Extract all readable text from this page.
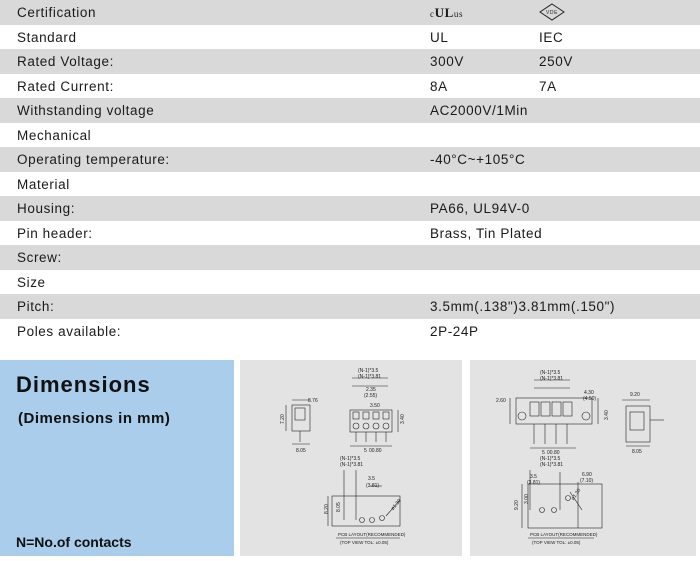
Certification	cULus	VDE
Standard	UL	IEC
Rated Voltage:	300V	250V
Rated Current:	8A	7A
Withstanding voltage	AC2000V/1Min
Mechanical
Operating temperature:	-40°C~+105°C
Material
Housing:	PA66, UL94V-0
Pin header:	Brass, Tin Plated
Screw:
Size
Pitch:	3.5mm(.138")3.81mm(.150")
Poles available:	2P-24P
Dimensions
(Dimensions in mm)
N=No.of contacts
8.76
7.20
8.05
(N-1)*3.5
(N-1)*3.81
2.35
(2.55)
3.50
3.40
5 00.80
(N-1)*3.5
(N-1)*3.81
3.5
(3.81)
8.20 8.05	ø1.30
PCB LAYOUT(RECOMMENDED)
(TOP VIEW TOL: ±0.05)
(N-1)*3.5
(N-1)*3.81
2.60
4.30
(4.50)
3.40
5 00.80
9.20
8.05
(N-1)*3.5
(N-1)*3.81
3.5
(3.81)
6.90
(7.10)
ø1.30
9.20
3.00
PCB LAYOUT(RECOMMENDED)
(TOP VIEW TOL: ±0.05)
